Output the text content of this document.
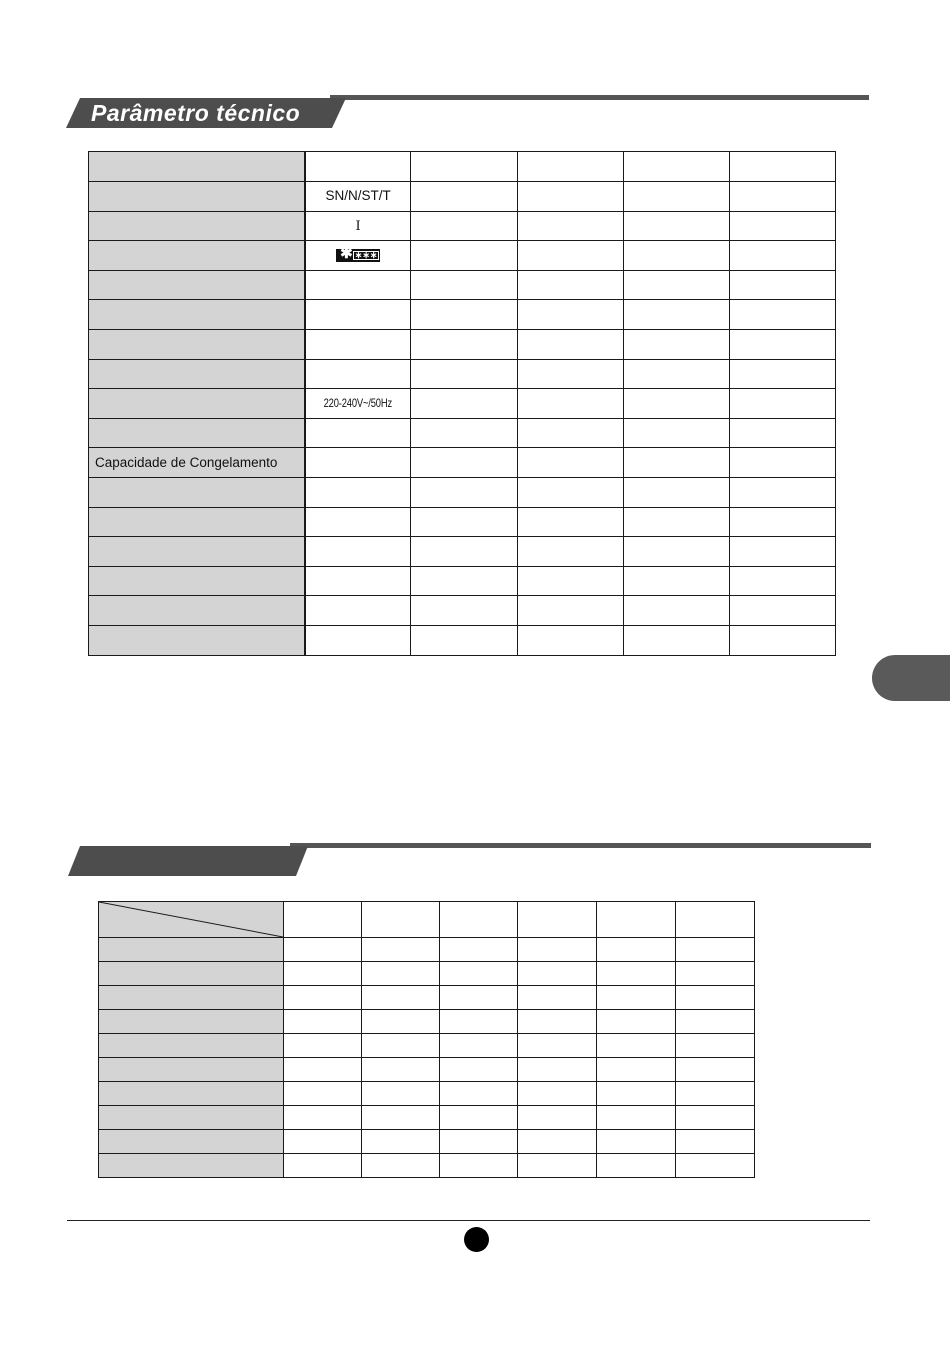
Parâmetro técnico

	SN/N/ST/T				
	I				

	✱ ∗∗∗				

	220-240V~/50Hz				

Capacidade de Congelamento					
